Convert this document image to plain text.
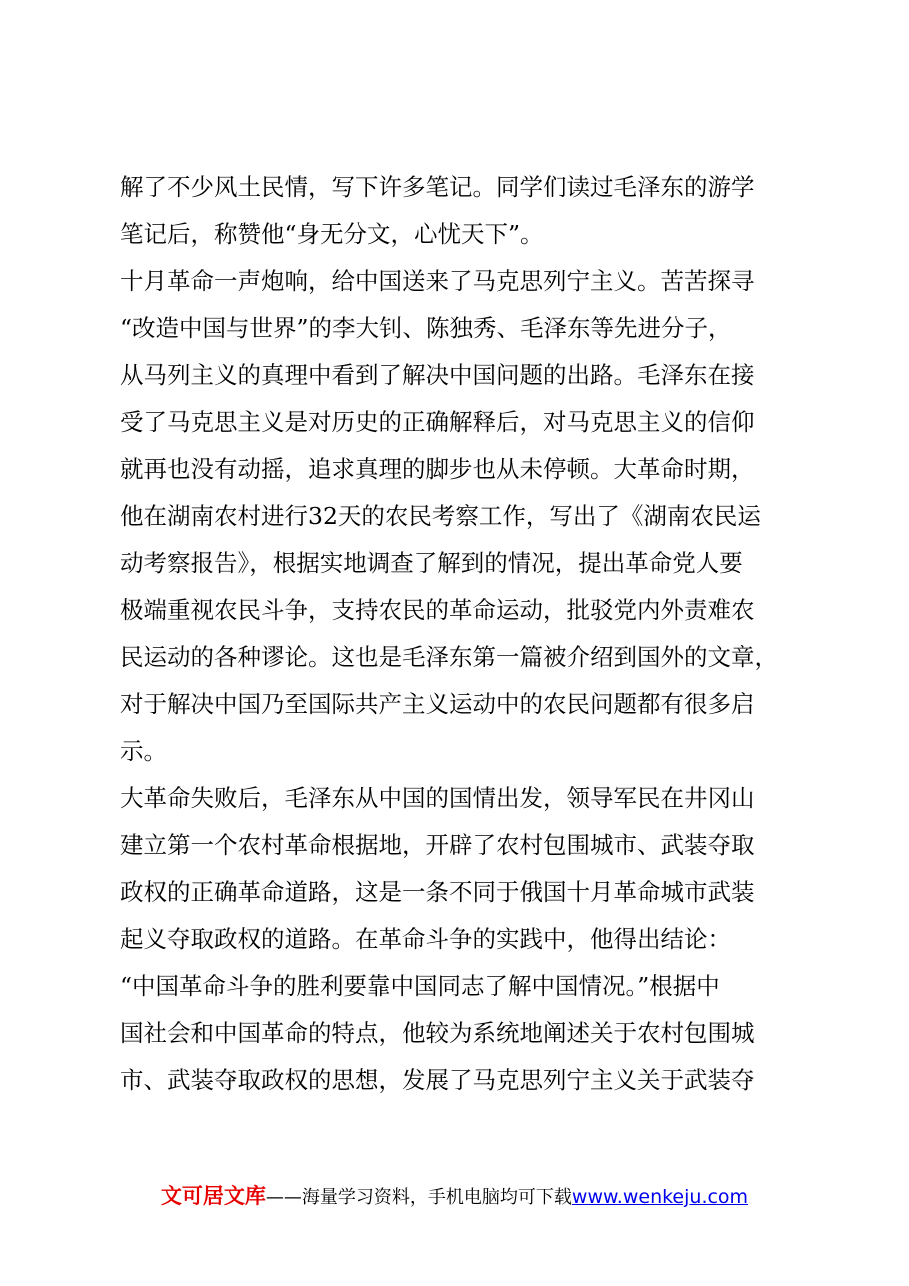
解了不少风土民情，写下许多笔记。同学们读过毛泽东的游学
笔记后，称赞他“身无分文，心忧天下”。
十月革命一声炮响，给中国送来了马克思列宁主义。苦苦探寻
“改造中国与世界”的李大钊、陈独秀、毛泽东等先进分子，
从马列主义的真理中看到了解决中国问题的出路。毛泽东在接
受了马克思主义是对历史的正确解释后，对马克思主义的信仰
就再也没有动摇，追求真理的脚步也从未停顿。大革命时期，
他在湖南农村进行32天的农民考察工作，写出了《湖南农民运
动考察报告》，根据实地调查了解到的情况，提出革命党人要
极端重视农民斗争，支持农民的革命运动，批驳党内外责难农
民运动的各种谬论。这也是毛泽东第一篇被介绍到国外的文章，
对于解决中国乃至国际共产主义运动中的农民问题都有很多启
示。
大革命失败后，毛泽东从中国的国情出发，领导军民在井冈山
建立第一个农村革命根据地，开辟了农村包围城市、武装夺取
政权的正确革命道路，这是一条不同于俄国十月革命城市武装
起义夺取政权的道路。在革命斗争的实践中，他得出结论：
“中国革命斗争的胜利要靠中国同志了解中国情况。”根据中
国社会和中国革命的特点，他较为系统地阐述关于农村包围城
市、武装夺取政权的思想，发展了马克思列宁主义关于武装夺
文可居文库——海量学习资料，手机电脑均可下载www.wenkeju.com
